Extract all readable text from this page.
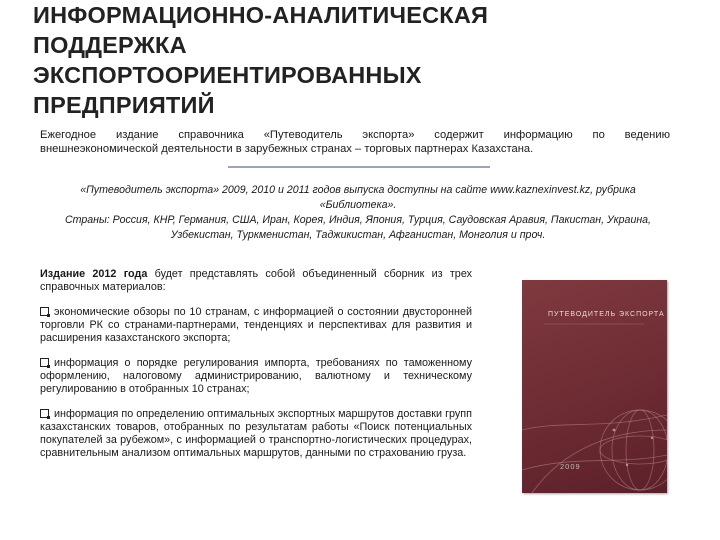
ИНФОРМАЦИОННО-АНАЛИТИЧЕСКАЯ
ПОДДЕРЖКА
ЭКСПОРТООРИЕНТИРОВАННЫХ
ПРЕДПРИЯТИЙ
Ежегодное издание справочника «Путеводитель экспорта» содержит информацию по ведению
внешнеэкономической деятельности в зарубежных странах – торговых партнерах Казахстана.
«Путеводитель экспорта» 2009, 2010 и 2011 годов выпуска доступны на сайте www.kaznexinvest.kz, рубрика
«Библиотека».
Страны: Россия, КНР, Германия, США, Иран, Корея, Индия, Япония, Турция, Саудовская Аравия, Пакистан, Украина,
Узбекистан, Туркменистан, Таджикистан, Афганистан, Монголия и проч.

Издание 2012 года будет представлять собой объединенный сборник из трех справочных материалов:

экономические обзоры по 10 странам, с информацией о состоянии двусторонней торговли РК со странами-партнерами, тенденциях и перспективах для развития и расширения казахстанского экспорта;

информация о порядке регулирования импорта, требованиях по таможенному оформлению, налоговому администрированию, валютному и техническому регулированию в отобранных 10 странах;

информация по определению оптимальных экспортных маршрутов доставки групп казахстанских товаров, отобранных по результатам работы «Поиск потенциальных покупателей за рубежом», с информацией о транспортно-логистических процедурах, сравнительным анализом оптимальных маршрутов, данными по страхованию груза.

ПУТЕВОДИТЕЛЬ ЭКСПОРТА
2009
